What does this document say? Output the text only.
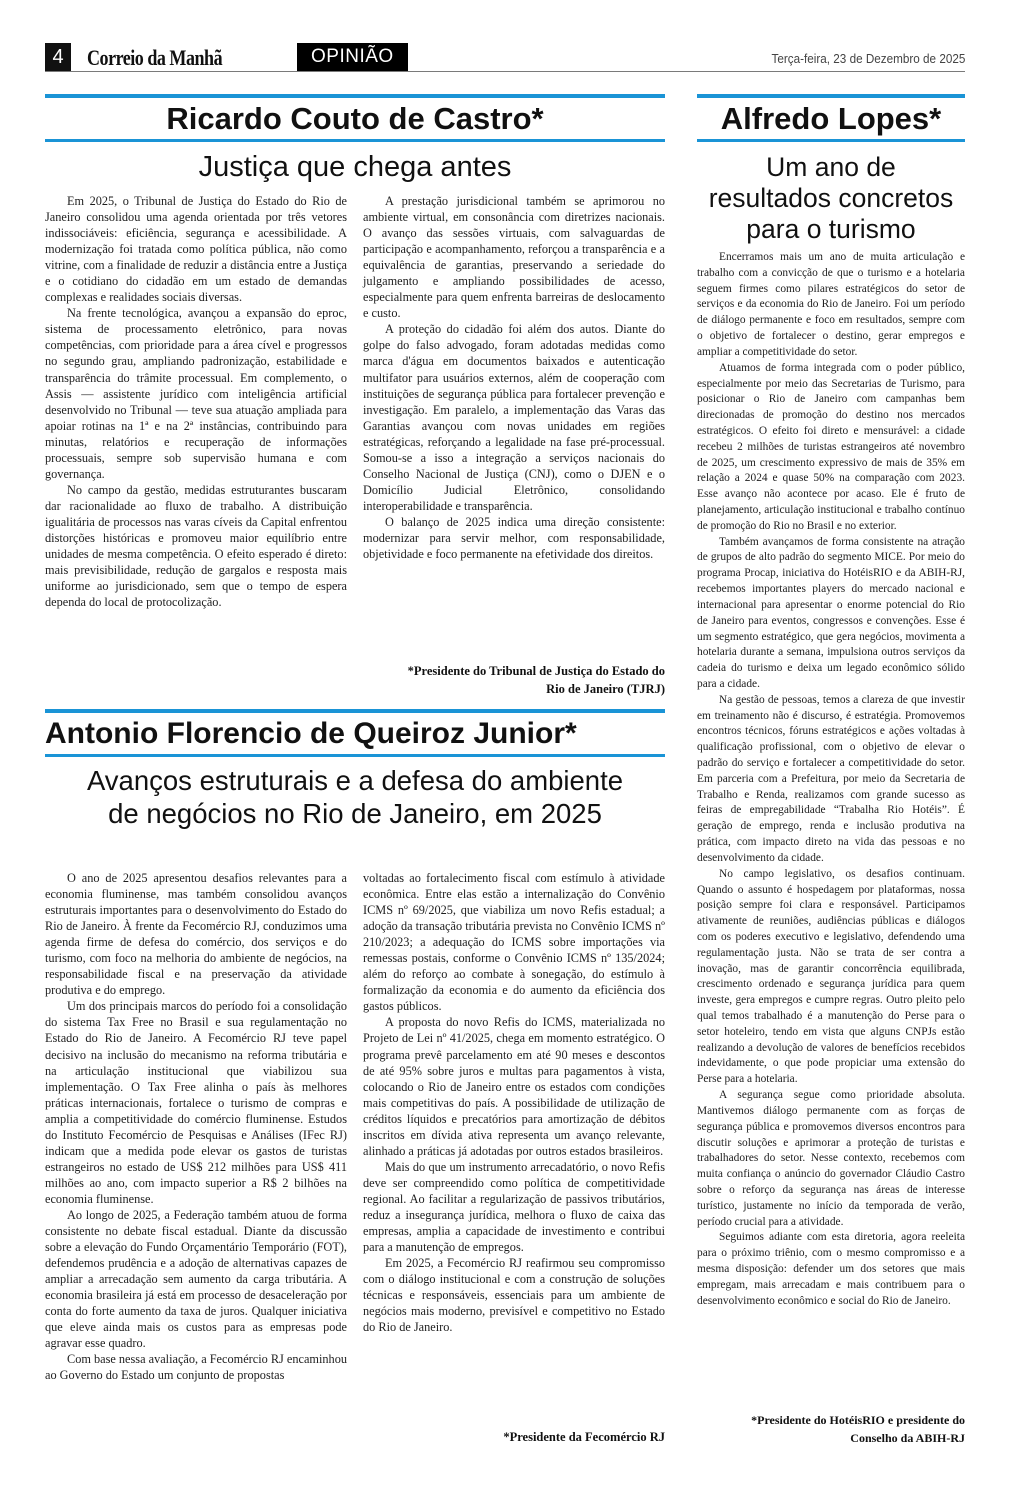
4	Correio da Manhã	OPINIÃO	Terça-feira, 23 de Dezembro de 2025
Ricardo Couto de Castro*
Justiça que chega antes

Em 2025, o Tribunal de Justiça do Estado do Rio de Janeiro consolidou uma agenda orientada por três vetores indissociáveis: eficiência, segurança e acessibilidade. A modernização foi tratada como política pública, não como vitrine, com a finalidade de reduzir a distância entre a Justiça e o cotidiano do cidadão em um estado de demandas complexas e realidades sociais diversas.

Na frente tecnológica, avançou a expansão do eproc, sistema de processamento eletrônico, para novas competências, com prioridade para a área cível e progressos no segundo grau, ampliando padronização, estabilidade e transparência do trâmite processual. Em complemento, o Assis — assistente jurídico com inteligência artificial desenvolvido no Tribunal — teve sua atuação ampliada para apoiar rotinas na 1ª e na 2ª instâncias, contribuindo para minutas, relatórios e recuperação de informações processuais, sempre sob supervisão humana e com governança.

No campo da gestão, medidas estruturantes buscaram dar racionalidade ao fluxo de trabalho. A distribuição igualitária de processos nas varas cíveis da Capital enfrentou distorções históricas e promoveu maior equilíbrio entre unidades de mesma competência. O efeito esperado é direto: mais previsibilidade, redução de gargalos e resposta mais uniforme ao jurisdicionado, sem que o tempo de espera dependa do local de protocolização.

A prestação jurisdicional também se aprimorou no ambiente virtual, em consonância com diretrizes nacionais. O avanço das sessões virtuais, com salvaguardas de participação e acompanhamento, reforçou a transparência e a equivalência de garantias, preservando a seriedade do julgamento e ampliando possibilidades de acesso, especialmente para quem enfrenta barreiras de deslocamento e custo.

A proteção do cidadão foi além dos autos. Diante do golpe do falso advogado, foram adotadas medidas como marca d'água em documentos baixados e autenticação multifator para usuários externos, além de cooperação com instituições de segurança pública para fortalecer prevenção e investigação. Em paralelo, a implementação das Varas das Garantias avançou com novas unidades em regiões estratégicas, reforçando a legalidade na fase pré-processual. Somou-se a isso a integração a serviços nacionais do Conselho Nacional de Justiça (CNJ), como o DJEN e o Domicílio Judicial Eletrônico, consolidando interoperabilidade e transparência.

O balanço de 2025 indica uma direção consistente: modernizar para servir melhor, com responsabilidade, objetividade e foco permanente na efetividade dos direitos.

*Presidente do Tribunal de Justiça do Estado do
Rio de Janeiro (TJRJ)
Antonio Florencio de Queiroz Junior*
Avanços estruturais e a defesa do ambiente
de negócios no Rio de Janeiro, em 2025

O ano de 2025 apresentou desafios relevantes para a economia fluminense, mas também consolidou avanços estruturais importantes para o desenvolvimento do Estado do Rio de Janeiro. À frente da Fecomércio RJ, conduzimos uma agenda firme de defesa do comércio, dos serviços e do turismo, com foco na melhoria do ambiente de negócios, na responsabilidade fiscal e na preservação da atividade produtiva e do emprego.

Um dos principais marcos do período foi a consolidação do sistema Tax Free no Brasil e sua regulamentação no Estado do Rio de Janeiro. A Fecomércio RJ teve papel decisivo na inclusão do mecanismo na reforma tributária e na articulação institucional que viabilizou sua implementação. O Tax Free alinha o país às melhores práticas internacionais, fortalece o turismo de compras e amplia a competitividade do comércio fluminense. Estudos do Instituto Fecomércio de Pesquisas e Análises (IFec RJ) indicam que a medida pode elevar os gastos de turistas estrangeiros no estado de US$ 212 milhões para US$ 411 milhões ao ano, com impacto superior a R$ 2 bilhões na economia fluminense.

Ao longo de 2025, a Federação também atuou de forma consistente no debate fiscal estadual. Diante da discussão sobre a elevação do Fundo Orçamentário Temporário (FOT), defendemos prudência e a adoção de alternativas capazes de ampliar a arrecadação sem aumento da carga tributária. A economia brasileira já está em processo de desaceleração por conta do forte aumento da taxa de juros. Qualquer iniciativa que eleve ainda mais os custos para as empresas pode agravar esse quadro.

Com base nessa avaliação, a Fecomércio RJ encaminhou ao Governo do Estado um conjunto de propostas

voltadas ao fortalecimento fiscal com estímulo à atividade econômica. Entre elas estão a internalização do Convênio ICMS nº 69/2025, que viabiliza um novo Refis estadual; a adoção da transação tributária prevista no Convênio ICMS nº 210/2023; a adequação do ICMS sobre importações via remessas postais, conforme o Convênio ICMS nº 135/2024; além do reforço ao combate à sonegação, do estímulo à formalização da economia e do aumento da eficiência dos gastos públicos.

A proposta do novo Refis do ICMS, materializada no Projeto de Lei nº 41/2025, chega em momento estratégico. O programa prevê parcelamento em até 90 meses e descontos de até 95% sobre juros e multas para pagamentos à vista, colocando o Rio de Janeiro entre os estados com condições mais competitivas do país. A possibilidade de utilização de créditos líquidos e precatórios para amortização de débitos inscritos em dívida ativa representa um avanço relevante, alinhado a práticas já adotadas por outros estados brasileiros.

Mais do que um instrumento arrecadatório, o novo Refis deve ser compreendido como política de competitividade regional. Ao facilitar a regularização de passivos tributários, reduz a insegurança jurídica, melhora o fluxo de caixa das empresas, amplia a capacidade de investimento e contribui para a manutenção de empregos.

Em 2025, a Fecomércio RJ reafirmou seu compromisso com o diálogo institucional e com a construção de soluções técnicas e responsáveis, essenciais para um ambiente de negócios mais moderno, previsível e competitivo no Estado do Rio de Janeiro.

*Presidente da Fecomércio RJ
Alfredo Lopes*
Um ano de
resultados concretos
para o turismo

Encerramos mais um ano de muita articulação e trabalho com a convicção de que o turismo e a hotelaria seguem firmes como pilares estratégicos do setor de serviços e da economia do Rio de Janeiro. Foi um período de diálogo permanente e foco em resultados, sempre com o objetivo de fortalecer o destino, gerar empregos e ampliar a competitividade do setor.

Atuamos de forma integrada com o poder público, especialmente por meio das Secretarias de Turismo, para posicionar o Rio de Janeiro com campanhas bem direcionadas de promoção do destino nos mercados estratégicos. O efeito foi direto e mensurável: a cidade recebeu 2 milhões de turistas estrangeiros até novembro de 2025, um crescimento expressivo de mais de 35% em relação a 2024 e quase 50% na comparação com 2023. Esse avanço não acontece por acaso. Ele é fruto de planejamento, articulação institucional e trabalho contínuo de promoção do Rio no Brasil e no exterior.

Também avançamos de forma consistente na atração de grupos de alto padrão do segmento MICE. Por meio do programa Procap, iniciativa do HotéisRIO e da ABIH-RJ, recebemos importantes players do mercado nacional e internacional para apresentar o enorme potencial do Rio de Janeiro para eventos, congressos e convenções. Esse é um segmento estratégico, que gera negócios, movimenta a hotelaria durante a semana, impulsiona outros serviços da cadeia do turismo e deixa um legado econômico sólido para a cidade.

Na gestão de pessoas, temos a clareza de que investir em treinamento não é discurso, é estratégia. Promovemos encontros técnicos, fóruns estratégicos e ações voltadas à qualificação profissional, com o objetivo de elevar o padrão do serviço e fortalecer a competitividade do setor. Em parceria com a Prefeitura, por meio da Secretaria de Trabalho e Renda, realizamos com grande sucesso as feiras de empregabilidade “Trabalha Rio Hotéis”. É geração de emprego, renda e inclusão produtiva na prática, com impacto direto na vida das pessoas e no desenvolvimento da cidade.

No campo legislativo, os desafios continuam. Quando o assunto é hospedagem por plataformas, nossa posição sempre foi clara e responsável. Participamos ativamente de reuniões, audiências públicas e diálogos com os poderes executivo e legislativo, defendendo uma regulamentação justa. Não se trata de ser contra a inovação, mas de garantir concorrência equilibrada, crescimento ordenado e segurança jurídica para quem investe, gera empregos e cumpre regras. Outro pleito pelo qual temos trabalhado é a manutenção do Perse para o setor hoteleiro, tendo em vista que alguns CNPJs estão realizando a devolução de valores de benefícios recebidos indevidamente, o que pode propiciar uma extensão do Perse para a hotelaria.

A segurança segue como prioridade absoluta. Mantivemos diálogo permanente com as forças de segurança pública e promovemos diversos encontros para discutir soluções e aprimorar a proteção de turistas e trabalhadores do setor. Nesse contexto, recebemos com muita confiança o anúncio do governador Cláudio Castro sobre o reforço da segurança nas áreas de interesse turístico, justamente no início da temporada de verão, período crucial para a atividade.

Seguimos adiante com esta diretoria, agora reeleita para o próximo triênio, com o mesmo compromisso e a mesma disposição: defender um dos setores que mais empregam, mais arrecadam e mais contribuem para o desenvolvimento econômico e social do Rio de Janeiro.

*Presidente do HotéisRIO e presidente do
Conselho da ABIH-RJ
